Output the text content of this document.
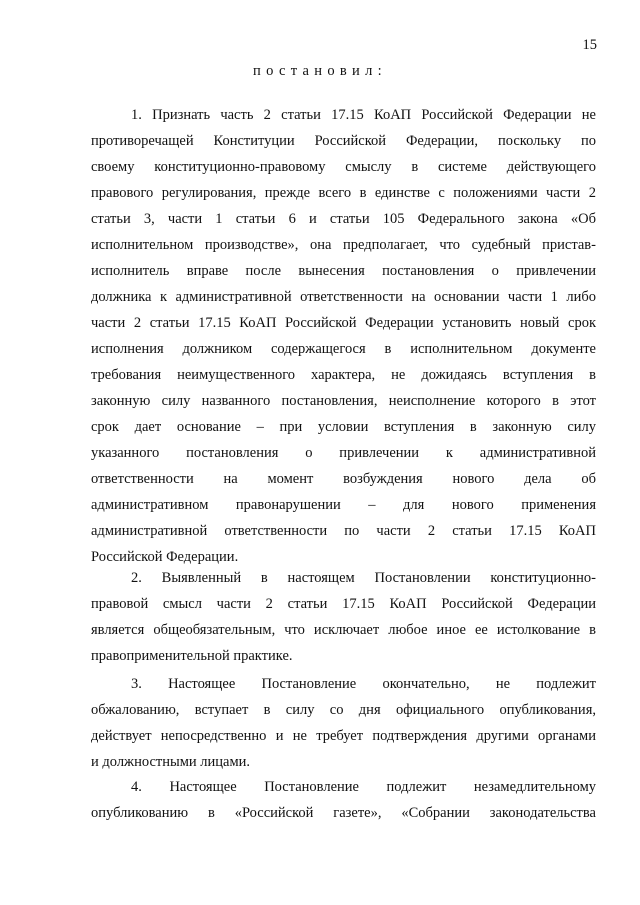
15
постановил:
1. Признать часть 2 статьи 17.15 КоАП Российской Федерации не
противоречащей Конституции Российской Федерации, поскольку по
своему конституционно-правовому смыслу в системе действующего
правового регулирования, прежде всего в единстве с положениями части 2
статьи 3, части 1 статьи 6 и статьи 105 Федерального закона «Об
исполнительном производстве», она предполагает, что судебный пристав-
исполнитель вправе после вынесения постановления о привлечении
должника к административной ответственности на основании части 1 либо
части 2 статьи 17.15 КоАП Российской Федерации установить новый срок
исполнения должником содержащегося в исполнительном документе
требования неимущественного характера, не дожидаясь вступления в
законную силу названного постановления, неисполнение которого в этот
срок дает основание – при условии вступления в законную силу
указанного постановления о привлечении к административной
ответственности на момент возбуждения нового дела об
административном правонарушении – для нового применения
административной ответственности по части 2 статьи 17.15 КоАП
Российской Федерации.
2. Выявленный в настоящем Постановлении конституционно-
правовой смысл части 2 статьи 17.15 КоАП Российской Федерации
является общеобязательным, что исключает любое иное ее истолкование в
правоприменительной практике.
3. Настоящее Постановление окончательно, не подлежит
обжалованию, вступает в силу со дня официального опубликования,
действует непосредственно и не требует подтверждения другими органами
и должностными лицами.
4. Настоящее Постановление подлежит незамедлительному
опубликованию в «Российской газете», «Собрании законодательства
